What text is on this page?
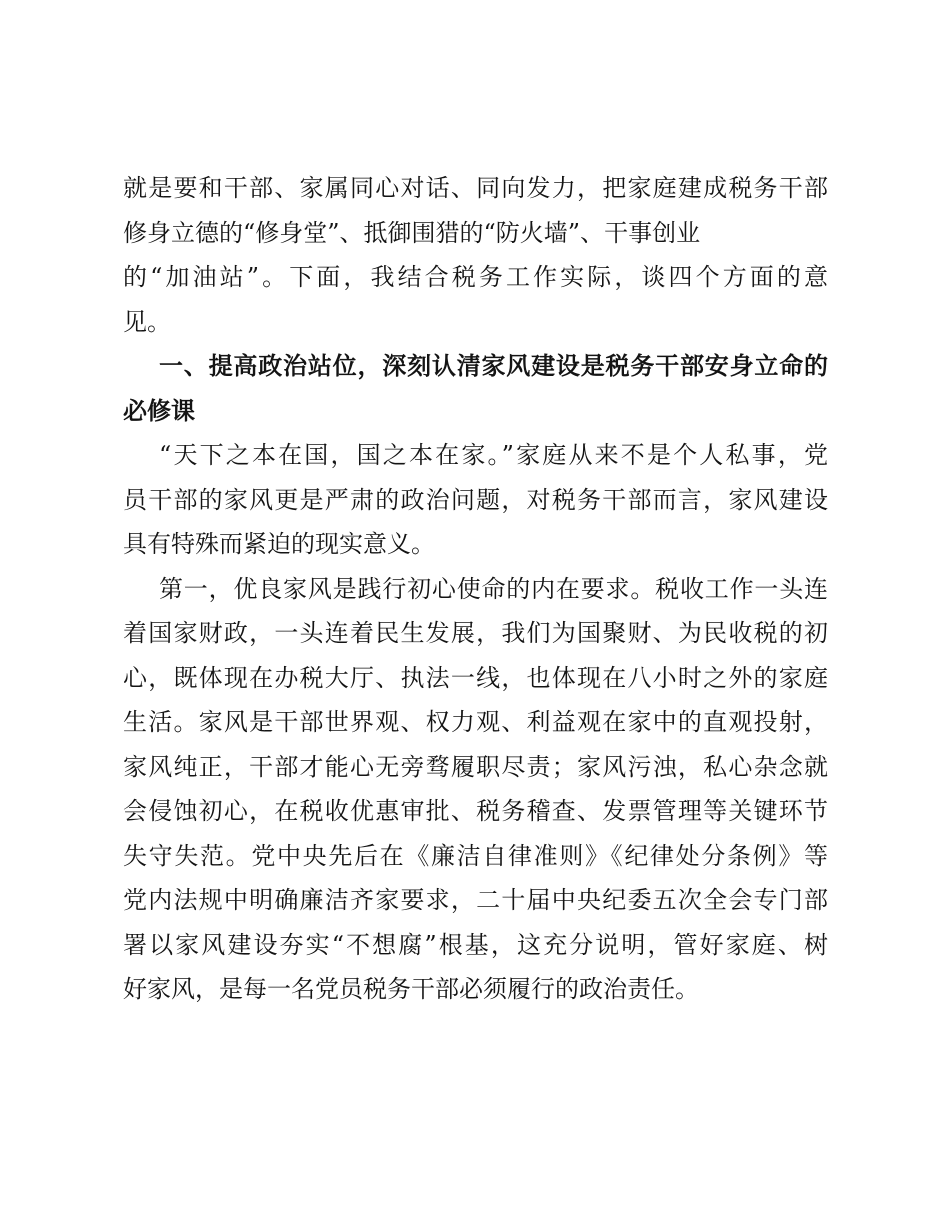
就是要和干部、家属同心对话、同向发力，把家庭建成税务干部
修身立德的“修身堂”、抵御围猎的“防火墙”、干事创业
的“加油站”。下面，我结合税务工作实际，谈四个方面的意
见。
一、提高政治站位，深刻认清家风建设是税务干部安身立命的
必修课
“天下之本在国，国之本在家。”家庭从来不是个人私事，党
员干部的家风更是严肃的政治问题，对税务干部而言，家风建设
具有特殊而紧迫的现实意义。
第一，优良家风是践行初心使命的内在要求。税收工作一头连
着国家财政，一头连着民生发展，我们为国聚财、为民收税的初
心，既体现在办税大厅、执法一线，也体现在八小时之外的家庭
生活。家风是干部世界观、权力观、利益观在家中的直观投射，
家风纯正，干部才能心无旁骛履职尽责；家风污浊，私心杂念就
会侵蚀初心，在税收优惠审批、税务稽查、发票管理等关键环节
失守失范。党中央先后在《廉洁自律准则》《纪律处分条例》等
党内法规中明确廉洁齐家要求，二十届中央纪委五次全会专门部
署以家风建设夯实“不想腐”根基，这充分说明，管好家庭、树
好家风，是每一名党员税务干部必须履行的政治责任。
